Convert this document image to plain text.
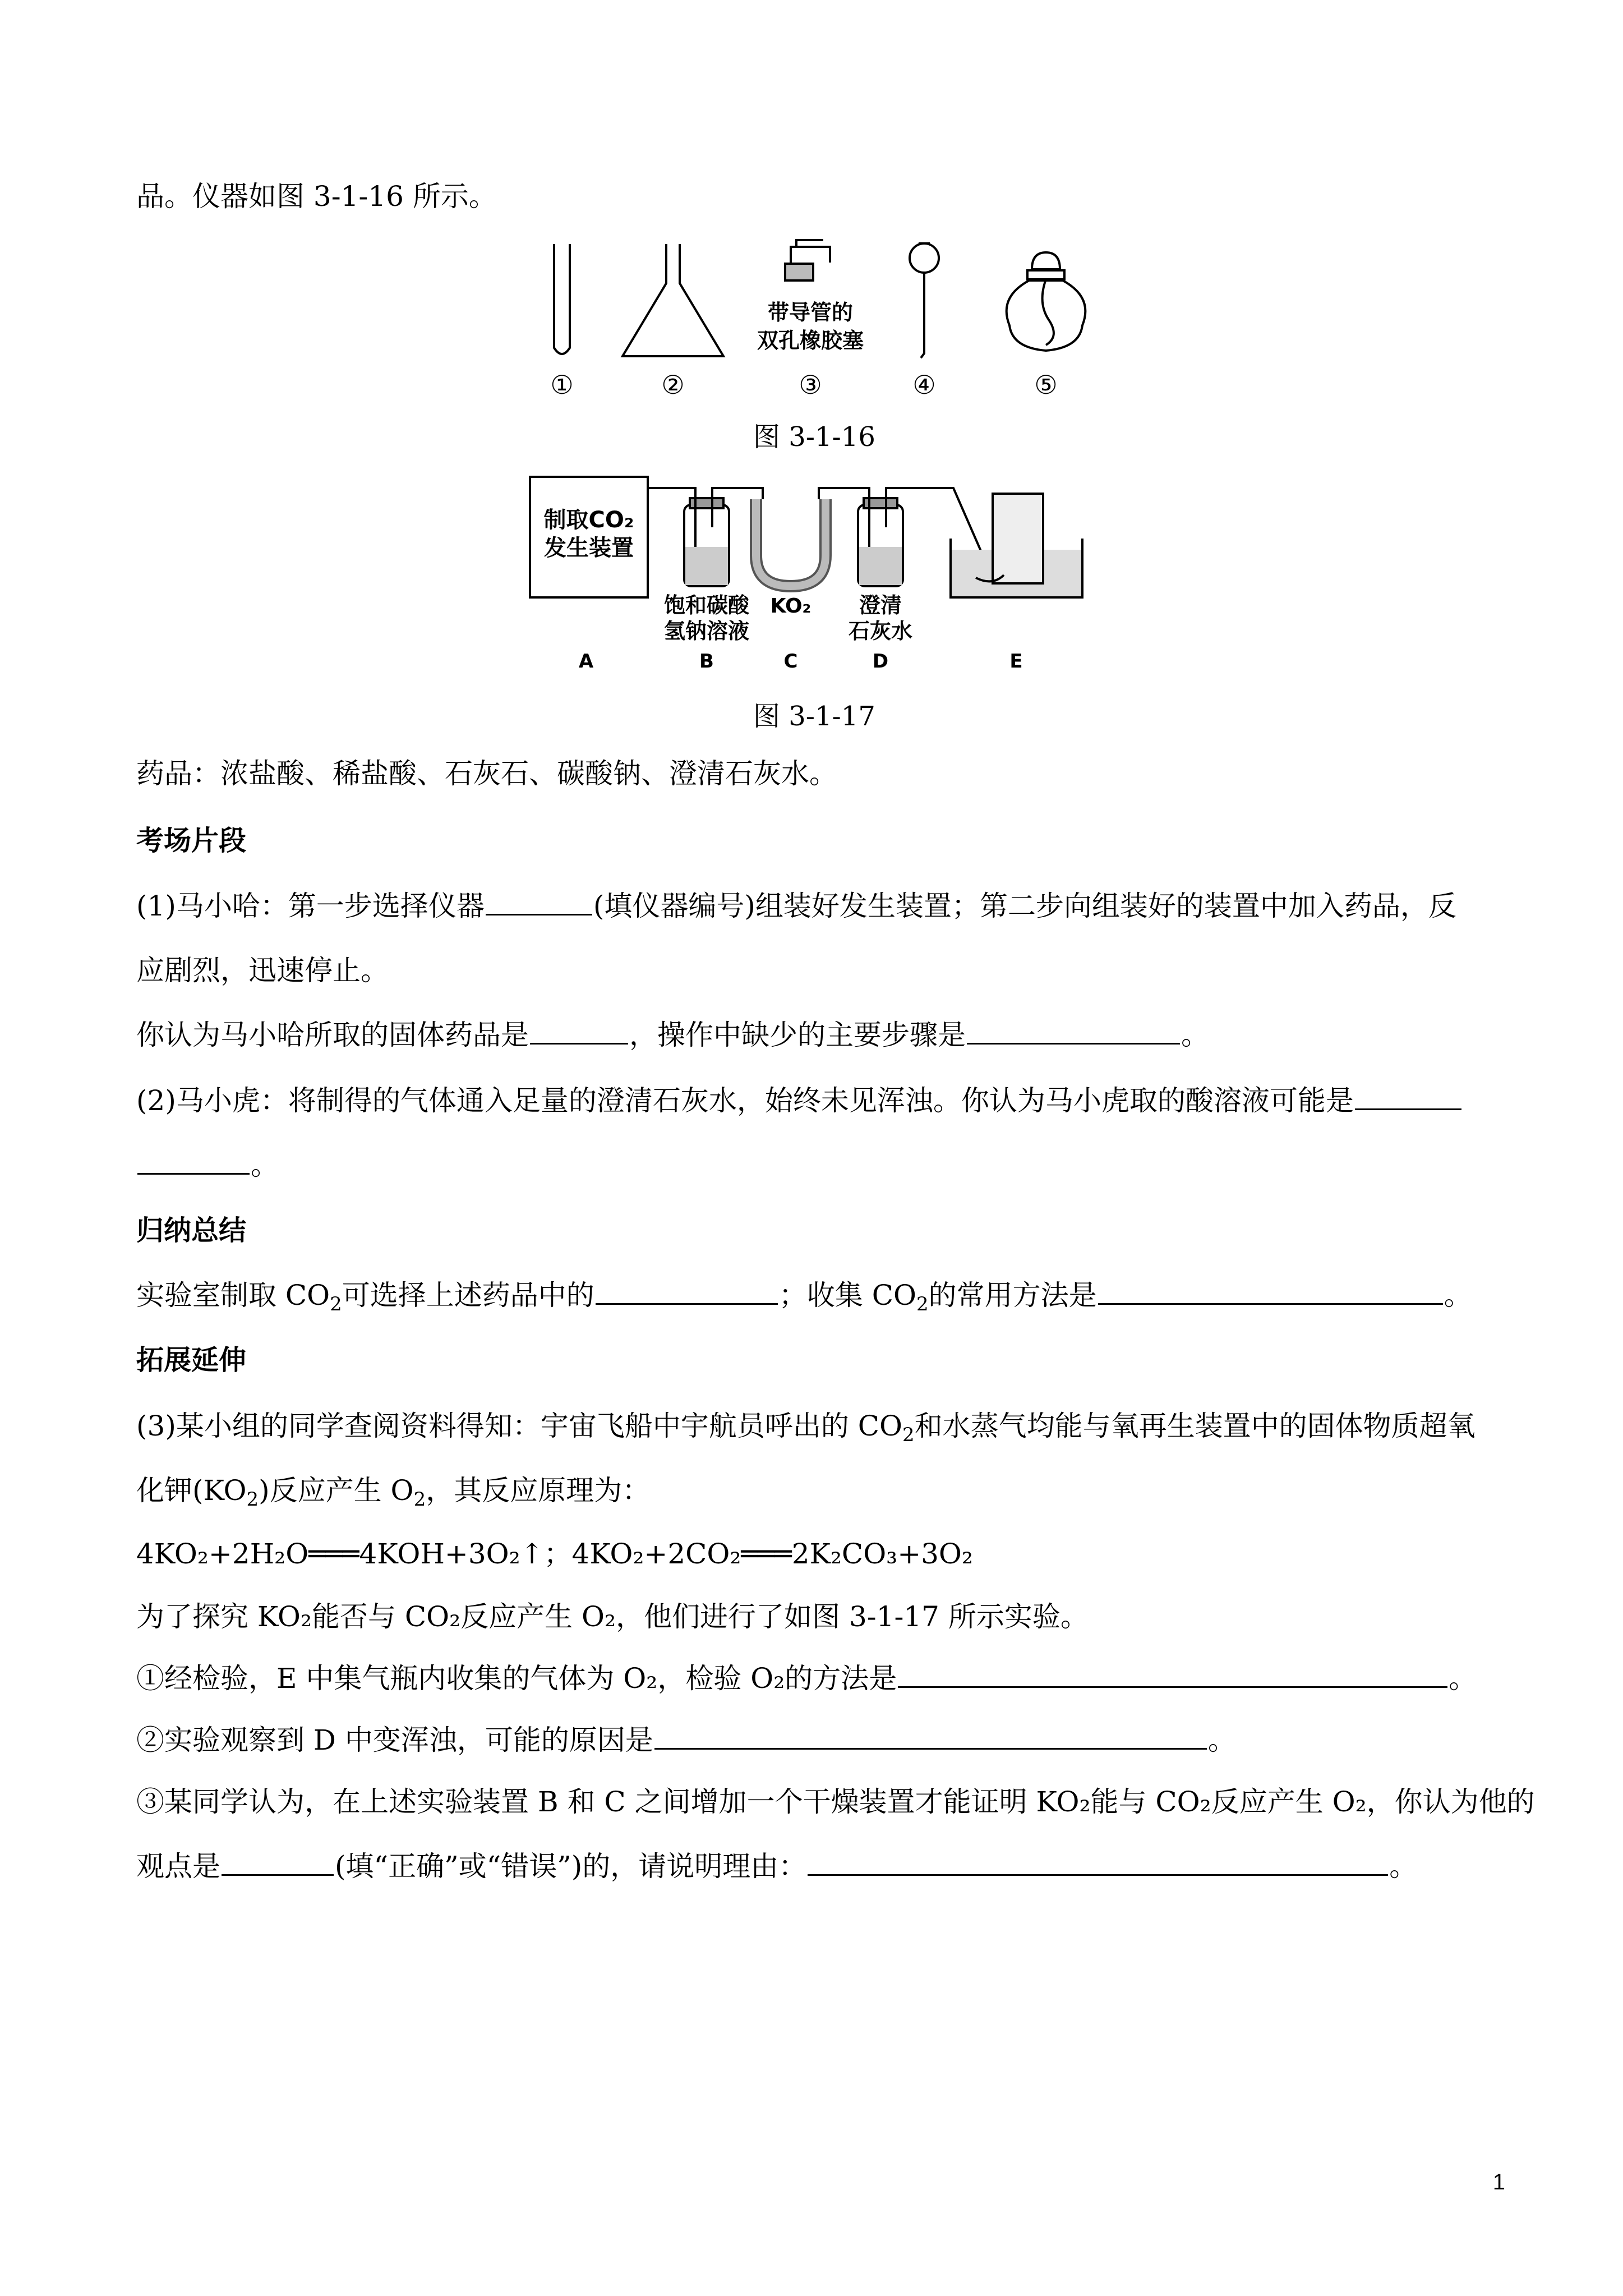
品。仪器如图 3-1-16 所示。
带导管的
双孔橡胶塞
①	②	③	④	⑤
图 3-1-16
制取CO₂
发生装置
饱和碳酸
氢钠溶液
KO₂ 澄清
石灰水
A	B	C	D	E
图 3-1-17
药品：浓盐酸、稀盐酸、石灰石、碳酸钠、澄清石灰水。
考场片段
(1)马小哈：第一步选择仪器	(填仪器编号)组装好发生装置；第二步向组装好的装置中加入药品，反
应剧烈，迅速停止。
你认为马小哈所取的固体药品是	，操作中缺少的主要步骤是	。
(2)马小虎：将制得的气体通入足量的澄清石灰水，始终未见浑浊。你认为马小虎取的酸溶液可能是
。
归纳总结
实验室制取 $CO_2$可选择上述药品中的	；收集 $CO_2$的常用方法是	。
拓展延伸
(3)某小组的同学查阅资料得知：宇宙飞船中宇航员呼出的 $CO_2$和水蒸气均能与氧再生装置中的固体物质超氧
化钾$(KO_2)$反应产生 $O_2$，其反应原理为：
4KO₂+2H₂O═══4KOH+3O₂↑；4KO₂+2CO₂═══2K₂CO₃+3O₂
为了探究 KO₂能否与 CO₂反应产生 O₂，他们进行了如图 3-1-17 所示实验。
①经检验，E 中集气瓶内收集的气体为 O₂，检验 O₂的方法是	。
②实验观察到 D 中变浑浊，可能的原因是	。
③某同学认为，在上述实验装置 B 和 C 之间增加一个干燥装置才能证明 KO₂能与 CO₂反应产生 O₂，你认为他的
观点是	(填“正确”或“错误”)的，请说明理由：	。
1
